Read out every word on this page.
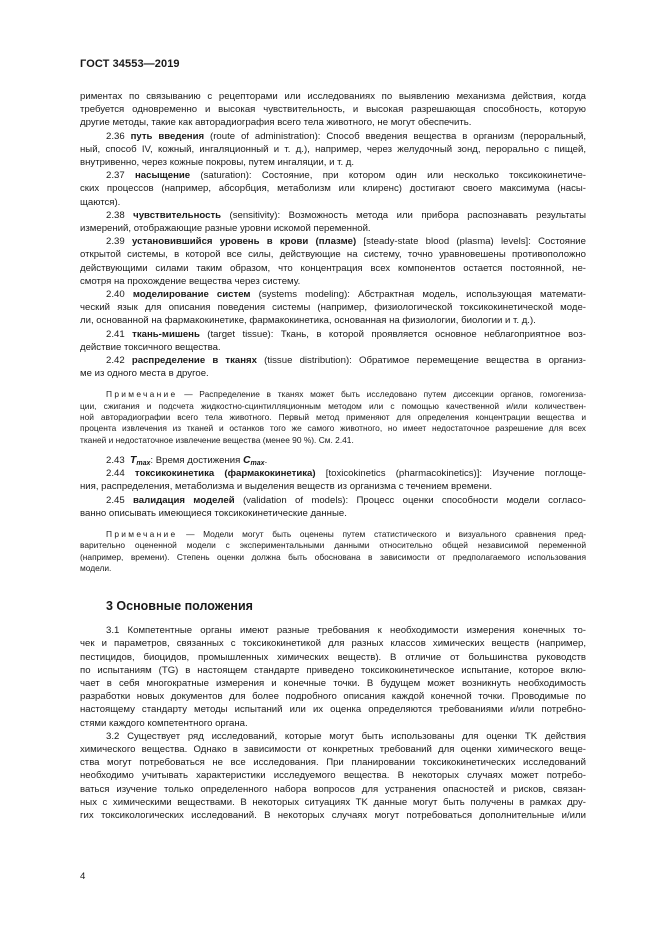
ГОСТ 34553—2019

риментах по связыванию с рецепторами или исследованиях по выявлению механизма действия, когда
требуется одновременно и высокая чувствительность, и высокая разрешающая способность, которую
другие методы, такие как авторадиография всего тела животного, не могут обеспечить.

2.36 путь введения (route of administration): Способ введения вещества в организм (пероральный,
ный, способ IV, кожный, ингаляционный и т. д.), например, через желудочный зонд, перорально с пищей,
внутривенно, через кожные покровы, путем ингаляции, и т. д.

2.37 насыщение (saturation): Состояние, при котором один или несколько токсикокинетиче-
ских процессов (например, абсорбция, метаболизм или клиренс) достигают своего максимума (насы-
щаются).

2.38 чувствительность (sensitivity): Возможность метода или прибора распознавать результаты
измерений, отображающие разные уровни искомой переменной.

2.39 установившийся уровень в крови (плазме) [steady-state blood (plasma) levels]: Состояние
открытой системы, в которой все силы, действующие на систему, точно уравновешены противоположно
действующими силами таким образом, что концентрация всех компонентов остается постоянной, не-
смотря на прохождение вещества через систему.

2.40 моделирование систем (systems modeling): Абстрактная модель, использующая математи-
ческий язык для описания поведения системы (например, физиологической токсикокинетической моде-
ли, основанной на фармакокинетике, фармакокинетика, основанная на физиологии, биологии и т. д.).

2.41 ткань-мишень (target tissue): Ткань, в которой проявляется основное неблагоприятное воз-
действие токсичного вещества.

2.42 распределение в тканях (tissue distribution): Обратимое перемещение вещества в организ-
ме из одного места в другое.

Примечание — Распределение в тканях может быть исследовано путем диссекции органов, гомогениза-
ции, сжигания и подсчета жидкостно-сцинтилляционным методом или с помощью качественной и/или количествен-
ной авторадиографии всего тела животного. Первый метод применяют для определения концентрации вещества и
процента извлечения из тканей и останков того же самого животного, но имеет недостаточное разрешение для всех
тканей и недостаточное извлечение вещества (менее 90 %). См. 2.41.

2.43 $T_{max}$: Время достижения $C_{max}$.

2.44 токсикокинетика (фармакокинетика) [toxicokinetics (pharmacokinetics)]: Изучение поглоще-
ния, распределения, метаболизма и выделения веществ из организма с течением времени.

2.45 валидация моделей (validation of models): Процесс оценки способности модели согласо-
ванно описывать имеющиеся токсикокинетические данные.

Примечание — Модели могут быть оценены путем статистического и визуального сравнения пред-
варительно оцененной модели с экспериментальными данными относительно общей независимой переменной
(например, времени). Степень оценки должна быть обоснована в зависимости от предполагаемого использования
модели.

3 Основные положения

3.1 Компетентные органы имеют разные требования к необходимости измерения конечных то-
чек и параметров, связанных с токсикокинетикой для разных классов химических веществ (например,
пестицидов, биоцидов, промышленных химических веществ). В отличие от большинства руководств
по испытаниям (TG) в настоящем стандарте приведено токсикокинетическое испытание, которое вклю-
чает в себя многократные измерения и конечные точки. В будущем может возникнуть необходимость
разработки новых документов для более подробного описания каждой конечной точки. Проводимые по
настоящему стандарту методы испытаний или их оценка определяются требованиями и/или потребно-
стями каждого компетентного органа.

3.2 Существует ряд исследований, которые могут быть использованы для оценки TK действия
химического вещества. Однако в зависимости от конкретных требований для оценки химического веще-
ства могут потребоваться не все исследования. При планировании токсикокинетических исследований
необходимо учитывать характеристики исследуемого вещества. В некоторых случаях может потребо-
ваться изучение только определенного набора вопросов для устранения опасностей и рисков, связан-
ных с химическими веществами. В некоторых ситуациях TK данные могут быть получены в рамках дру-
гих токсикологических исследований. В некоторых случаях могут потребоваться дополнительные и/или

4
